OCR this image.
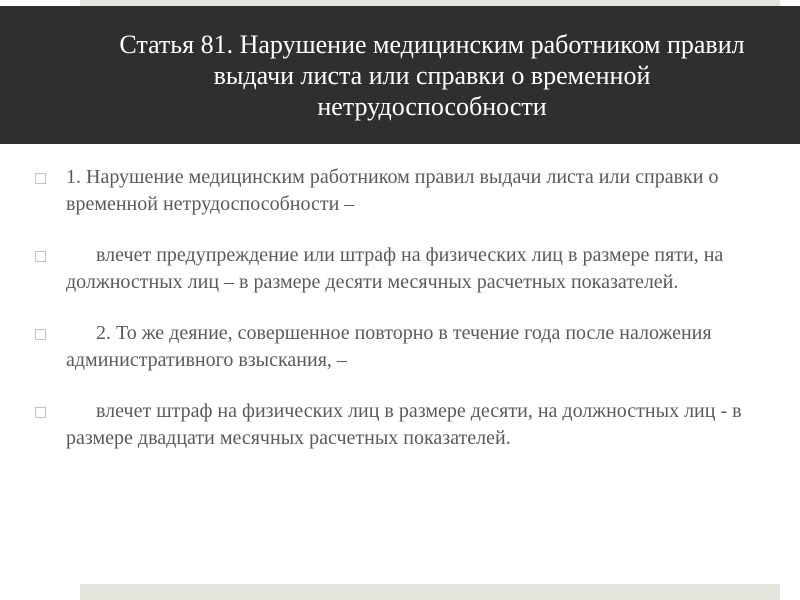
Статья 81. Нарушение медицинским работником правил выдачи листа или справки о временной нетрудоспособности
□ 1. Нарушение медицинским работником правил выдачи листа или справки о временной нетрудоспособности –
□ влечет предупреждение или штраф на физических лиц в размере пяти, на должностных лиц – в размере десяти месячных расчетных показателей.
□ 2. То же деяние, совершенное повторно в течение года после наложения административного взыскания, –
□ влечет штраф на физических лиц в размере десяти, на должностных лиц - в размере двадцати месячных расчетных показателей.
